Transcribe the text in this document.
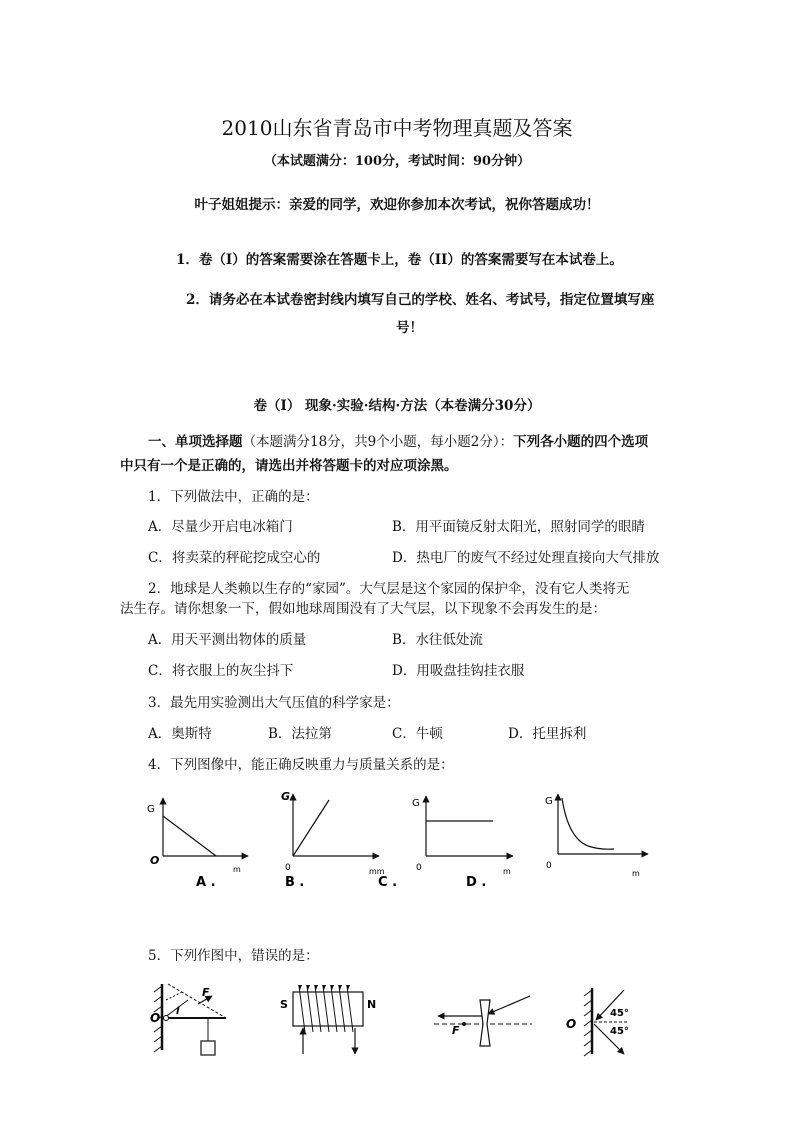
2010山东省青岛市中考物理真题及答案
（本试题满分：100分，考试时间：90分钟）
叶子姐姐提示：亲爱的同学，欢迎你参加本次考试，祝你答题成功！
1．卷（I）的答案需要涂在答题卡上，卷（II）的答案需要写在本试卷上。
2．请务必在本试卷密封线内填写自己的学校、姓名、考试号，指定位置填写座
号！
卷（Ⅰ） 现象·实验·结构·方法（本卷满分30分）
一、单项选择题（本题满分18分，共9个小题，每小题2分）：下列各小题的四个选项
中只有一个是正确的，请选出并将答题卡的对应项涂黑。
1．下列做法中，正确的是：
A．尽量少开启电冰箱门	B．用平面镜反射太阳光，照射同学的眼睛
C．将卖菜的秤砣挖成空心的	D．热电厂的废气不经过处理直接向大气排放
2．地球是人类赖以生存的“家园”。大气层是这个家园的保护伞，没有它人类将无
法生存。请你想象一下，假如地球周围没有了大气层，以下现象不会再发生的是：
A．用天平测出物体的质量	B．水往低处流
C．将衣服上的灰尘抖下	D．用吸盘挂钩挂衣服
3．最先用实验测出大气压值的科学家是：
A．奥斯特	B．法拉第	C．牛顿	D．托里拆利
4．下列图像中，能正确反映重力与质量关系的是：
G
O
m
A .
G
0	mm
B .
G
0	m
C .
G
0
m
D .
5．下列作图中，错误的是：
F
O l
S	N
F	O
45°
45°
